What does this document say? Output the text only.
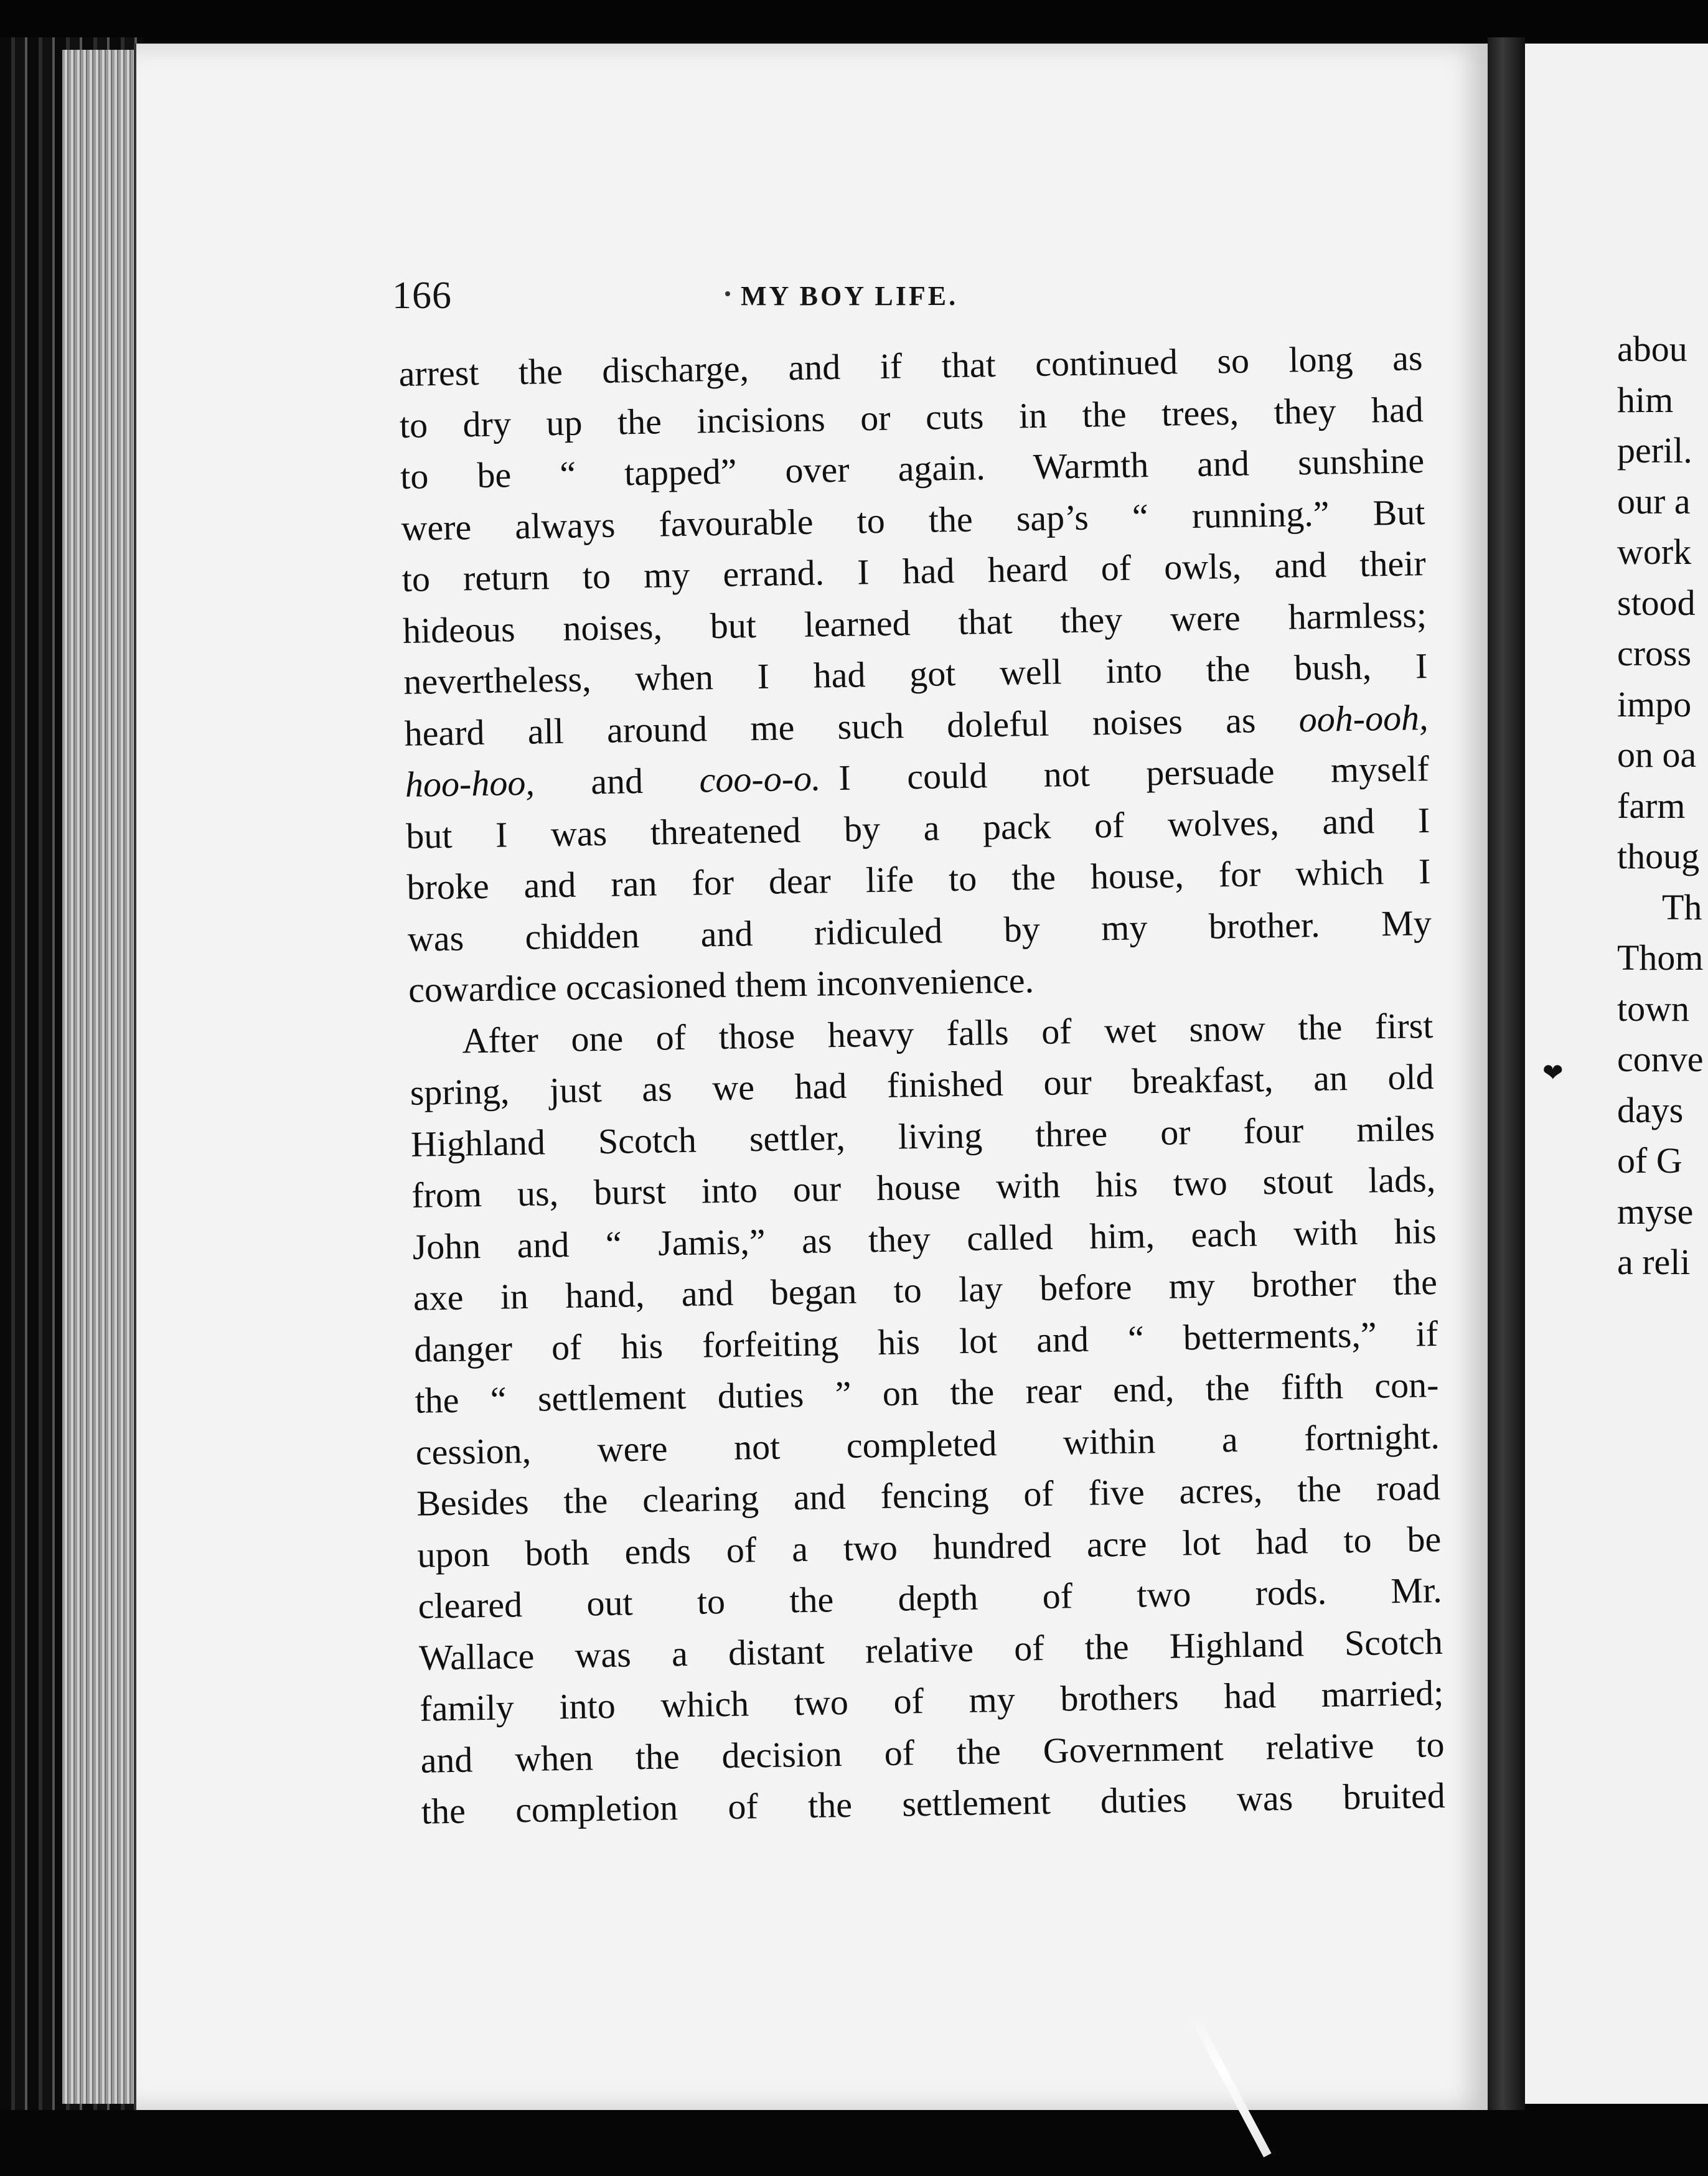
166	MY BOY LIFE.
arrest the discharge, and if that continued so long as
to dry up the incisions or cuts in the trees, they had
to be “ tapped” over again. Warmth and sunshine
were always favourable to the sap’s “ running.” But
to return to my errand. I had heard of owls, and their
hideous noises, but learned that they were harmless;
nevertheless, when I had got well into the bush, I
heard all around me such doleful noises as ooh-ooh,
hoo-hoo, and coo-o-o. I could not persuade myself
but I was threatened by a pack of wolves, and I
broke and ran for dear life to the house, for which I
was chidden and ridiculed by my brother. My
cowardice occasioned them inconvenience.
After one of those heavy falls of wet snow the first
spring, just as we had finished our breakfast, an old
Highland Scotch settler, living three or four miles
from us, burst into our house with his two stout lads,
John and “ Jamis,” as they called him, each with his
axe in hand, and began to lay before my brother the
danger of his forfeiting his lot and “ betterments,” if
the “ settlement duties ” on the rear end, the fifth con-
cession, were not completed within a fortnight.
Besides the clearing and fencing of five acres, the road
upon both ends of a two hundred acre lot had to be
cleared out to the depth of two rods. Mr.
Wallace was a distant relative of the Highland Scotch
family into which two of my brothers had married;
and when the decision of the Government relative to
the completion of the settlement duties was bruited
abou
him
peril.
our a
work
stood
cross
impo
on oa
farm
thoug
Th
Thom
town
conve
days
of G
myse
a reli
❤
